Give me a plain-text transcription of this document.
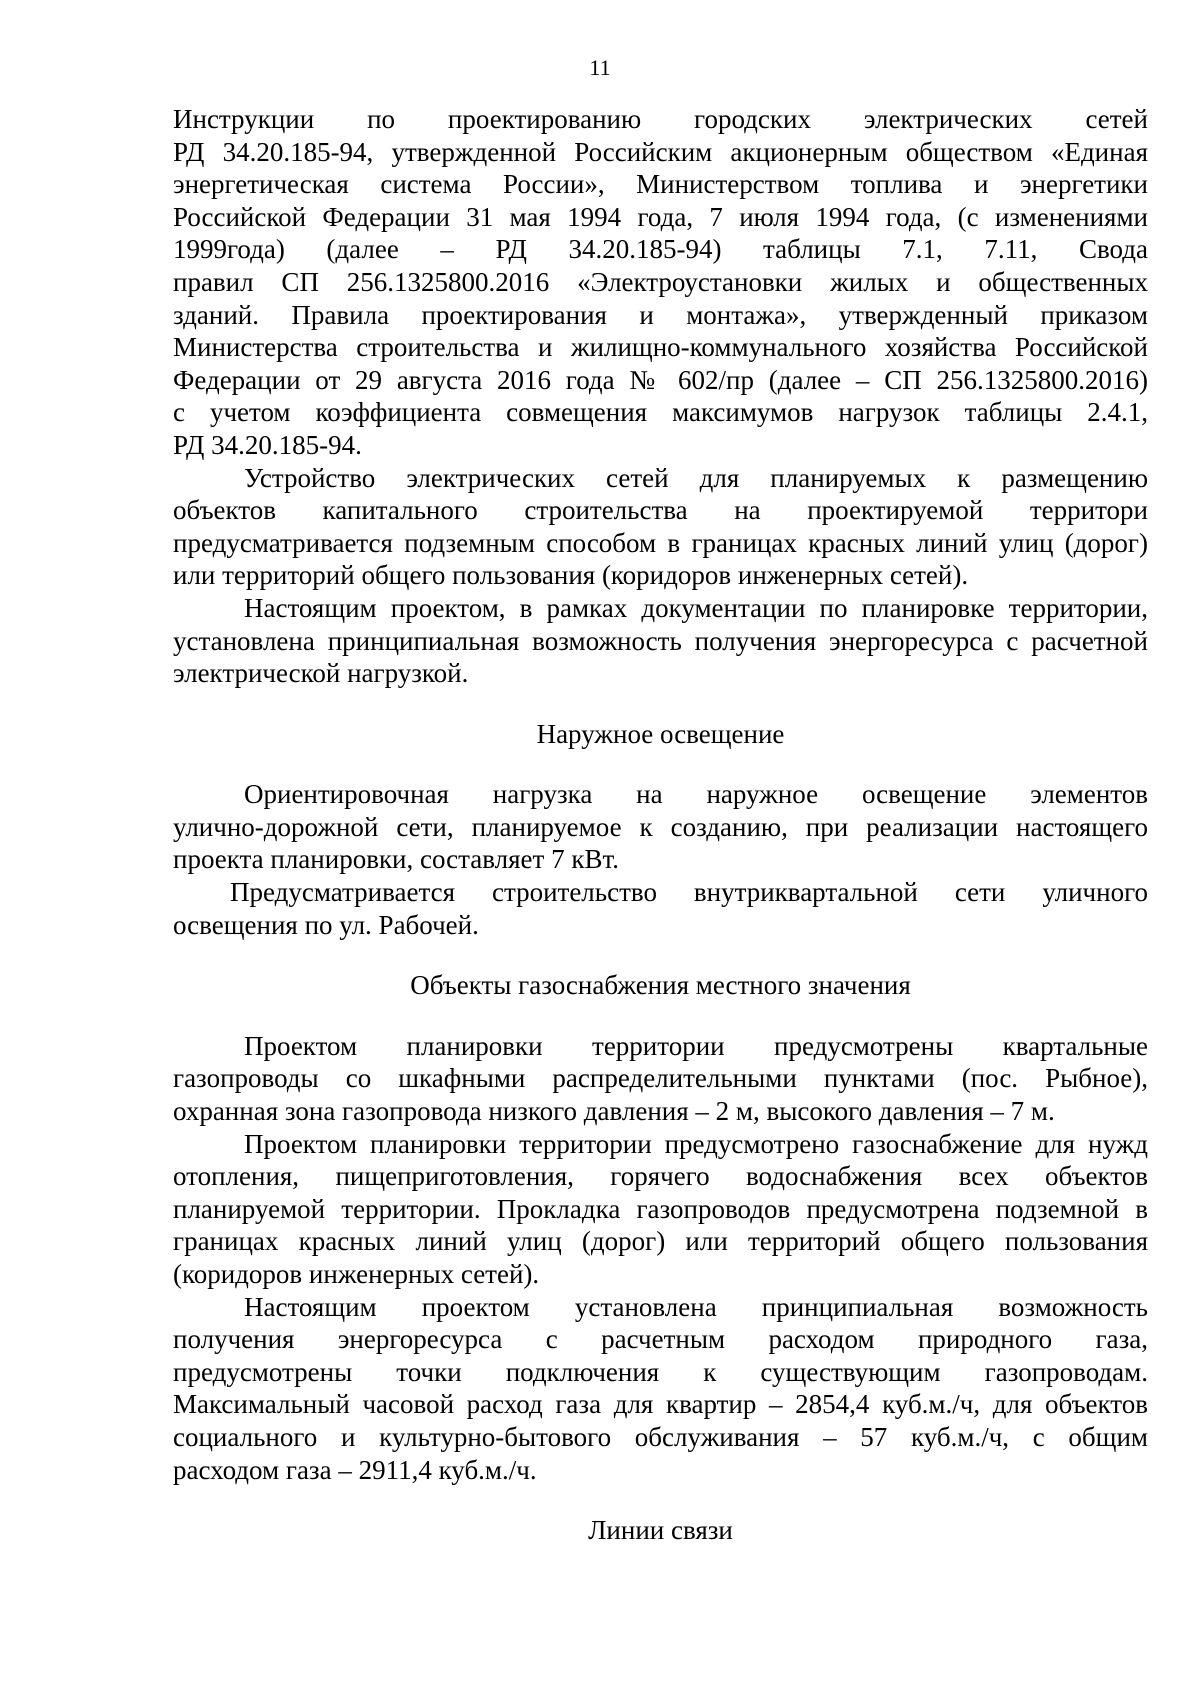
11
Инструкции по проектированию городских электрических сетей
РД 34.20.185-94, утвержденной Российским акционерным обществом «Единая
энергетическая система России», Министерством топлива и энергетики
Российской Федерации 31 мая 1994 года, 7 июля 1994 года, (с изменениями
1999года) (далее – РД 34.20.185-94) таблицы 7.1, 7.11, Свода
правил СП 256.1325800.2016 «Электроустановки жилых и общественных
зданий. Правила проектирования и монтажа», утвержденный приказом
Министерства строительства и жилищно-коммунального хозяйства Российской
Федерации от 29 августа 2016 года № 602/пр (далее – СП 256.1325800.2016)
с учетом коэффициента совмещения максимумов нагрузок таблицы 2.4.1,
РД 34.20.185-94.
Устройство электрических сетей для планируемых к размещению
объектов капитального строительства на проектируемой территори
предусматривается подземным способом в границах красных линий улиц (дорог)
или территорий общего пользования (коридоров инженерных сетей).
Настоящим проектом, в рамках документации по планировке территории,
установлена принципиальная возможность получения энергоресурса с расчетной
электрической нагрузкой.
Наружное освещение
Ориентировочная нагрузка на наружное освещение элементов
улично-дорожной сети, планируемое к созданию, при реализации настоящего
проекта планировки, составляет 7 кВт.
Предусматривается строительство внутриквартальной сети уличного
освещения по ул. Рабочей.
Объекты газоснабжения местного значения
Проектом планировки территории предусмотрены квартальные
газопроводы со шкафными распределительными пунктами (пос. Рыбное),
охранная зона газопровода низкого давления – 2 м, высокого давления – 7 м.
Проектом планировки территории предусмотрено газоснабжение для нужд
отопления, пищеприготовления, горячего водоснабжения всех объектов
планируемой территории. Прокладка газопроводов предусмотрена подземной в
границах красных линий улиц (дорог) или территорий общего пользования
(коридоров инженерных сетей).
Настоящим проектом установлена принципиальная возможность
получения энергоресурса с расчетным расходом природного газа,
предусмотрены точки подключения к существующим газопроводам.
Максимальный часовой расход газа для квартир – 2854,4 куб.м./ч, для объектов
социального и культурно-бытового обслуживания – 57 куб.м./ч, с общим
расходом газа – 2911,4 куб.м./ч.
Линии связи
